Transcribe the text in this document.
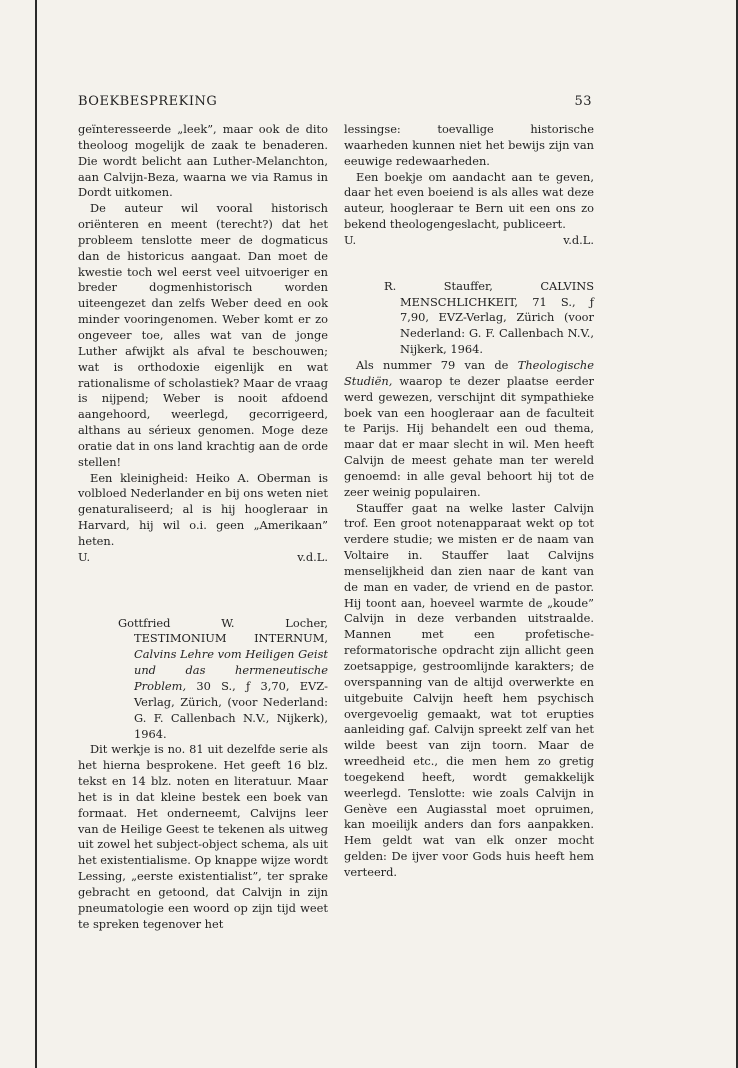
BOEKBESPREKING	53

geïnteresseerde „leek”, maar ook de dito theoloog mogelijk de zaak te benaderen. Die wordt belicht aan Luther-Melanchton, aan Calvijn-Beza, waarna we via Ramus in Dordt uitkomen.

De auteur wil vooral historisch oriënteren en meent (terecht?) dat het probleem tenslotte meer de dogmaticus dan de historicus aangaat. Dan moet de kwestie toch wel eerst veel uitvoeriger en breder dogmenhistorisch worden uiteengezet dan zelfs Weber deed en ook minder vooringenomen. Weber komt er zo ongeveer toe, alles wat van de jonge Luther afwijkt als afval te beschouwen; wat is orthodoxie eigenlijk en wat rationalisme of scholastiek? Maar de vraag is nijpend; Weber is nooit afdoend aangehoord, weerlegd, gecorrigeerd, althans au sérieux genomen. Moge deze oratie dat in ons land krachtig aan de orde stellen!

Een kleinigheid: Heiko A. Oberman is volbloed Nederlander en bij ons weten niet genaturaliseerd; al is hij hoogleraar in Harvard, hij wil o.i. geen „Amerikaan” heten.

U.	v.d.L.

Gottfried W. Locher, TESTIMONIUM INTERNUM, Calvins Lehre vom Heiligen Geist und das hermeneutische Problem, 30 S., ƒ 3,70, EVZ-Verlag, Zürich, (voor Nederland: G. F. Callenbach N.V., Nijkerk), 1964.

Dit werkje is no. 81 uit dezelfde serie als het hierna besprokene. Het geeft 16 blz. tekst en 14 blz. noten en literatuur. Maar het is in dat kleine bestek een boek van formaat. Het onderneemt, Calvijns leer van de Heilige Geest te tekenen als uitweg uit zowel het subject-object schema, als uit het existentialisme. Op knappe wijze wordt Lessing, „eerste existentialist”, ter sprake gebracht en getoond, dat Calvijn in zijn pneumatologie een woord op zijn tijd weet te spreken tegenover het

lessingse: toevallige historische waarheden kunnen niet het bewijs zijn van eeuwige redewaarheden.

Een boekje om aandacht aan te geven, daar het even boeiend is als alles wat deze auteur, hoogleraar te Bern uit een ons zo bekend theologengeslacht, publiceert.

U.	v.d.L.

R. Stauffer, CALVINS MENSCHLICHKEIT, 71 S., ƒ 7,90, EVZ-Verlag, Zürich (voor Nederland: G. F. Callenbach N.V., Nijkerk, 1964.

Als nummer 79 van de Theologische Studiën, waarop te dezer plaatse eerder werd gewezen, verschijnt dit sympathieke boek van een hoogleraar aan de faculteit te Parijs. Hij behandelt een oud thema, maar dat er maar slecht in wil. Men heeft Calvijn de meest gehate man ter wereld genoemd: in alle geval behoort hij tot de zeer weinig populairen.

Stauffer gaat na welke laster Calvijn trof. Een groot notenapparaat wekt op tot verdere studie; we misten er de naam van Voltaire in. Stauffer laat Calvijns menselijkheid dan zien naar de kant van de man en vader, de vriend en de pastor. Hij toont aan, hoeveel warmte de „koude” Calvijn in deze verbanden uitstraalde. Mannen met een profetische-reformatorische opdracht zijn allicht geen zoetsappige, gestroomlijnde karakters; de overspanning van de altijd overwerkte en uitgebuite Calvijn heeft hem psychisch overgevoelig gemaakt, wat tot erupties aanleiding gaf. Calvijn spreekt zelf van het wilde beest van zijn toorn. Maar de wreedheid etc., die men hem zo gretig toegekend heeft, wordt gemakkelijk weerlegd. Tenslotte: wie zoals Calvijn in Genève een Augiasstal moet opruimen, kan moeilijk anders dan fors aanpakken. Hem geldt wat van elk onzer mocht gelden: De ijver voor Gods huis heeft hem verteerd.
